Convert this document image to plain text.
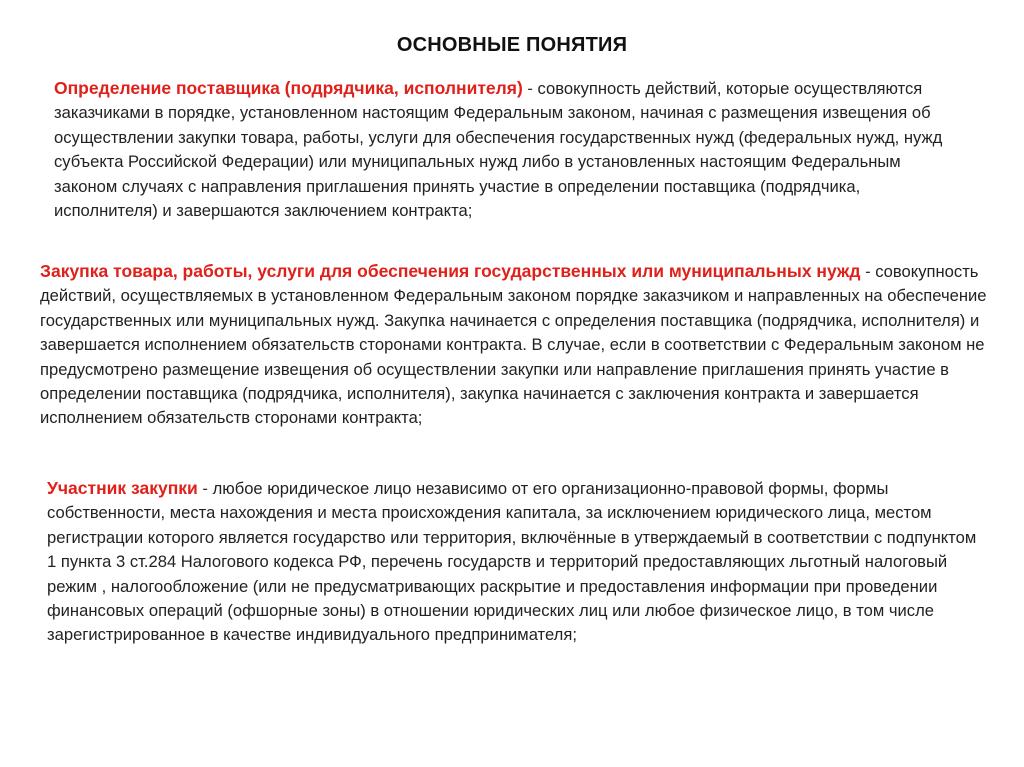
ОСНОВНЫЕ ПОНЯТИЯ
Определение поставщика (подрядчика, исполнителя) - совокупность действий, которые осуществляются заказчиками в порядке, установленном настоящим Федеральным законом, начиная с размещения извещения об осуществлении закупки товара, работы, услуги для обеспечения государственных нужд (федеральных нужд, нужд субъекта Российской Федерации) или муниципальных нужд либо в установленных настоящим Федеральным законом случаях с направления приглашения принять участие в определении поставщика (подрядчика, исполнителя) и завершаются заключением контракта;
Закупка товара, работы, услуги для обеспечения государственных или муниципальных нужд - совокупность действий, осуществляемых в установленном Федеральным законом порядке заказчиком и направленных на обеспечение государственных или муниципальных нужд. Закупка начинается с определения поставщика (подрядчика, исполнителя) и завершается исполнением обязательств сторонами контракта. В случае, если в соответствии с Федеральным законом не предусмотрено размещение извещения об осуществлении закупки или направление приглашения принять участие в определении поставщика (подрядчика, исполнителя), закупка начинается с заключения контракта и завершается исполнением обязательств сторонами контракта;
Участник закупки - любое юридическое лицо независимо от его организационно-правовой формы, формы собственности, места нахождения и места происхождения капитала, за исключением юридического лица, местом регистрации которого является государство или территория, включённые в утверждаемый в соответствии с подпунктом 1 пункта 3 ст.284 Налогового кодекса РФ, перечень государств и территорий предоставляющих льготный налоговый режим , налогообложение (или не предусматривающих раскрытие и предоставления информации при проведении финансовых операций (офшорные зоны) в отношении юридических лиц или любое физическое лицо, в том числе зарегистрированное в качестве индивидуального предпринимателя;
